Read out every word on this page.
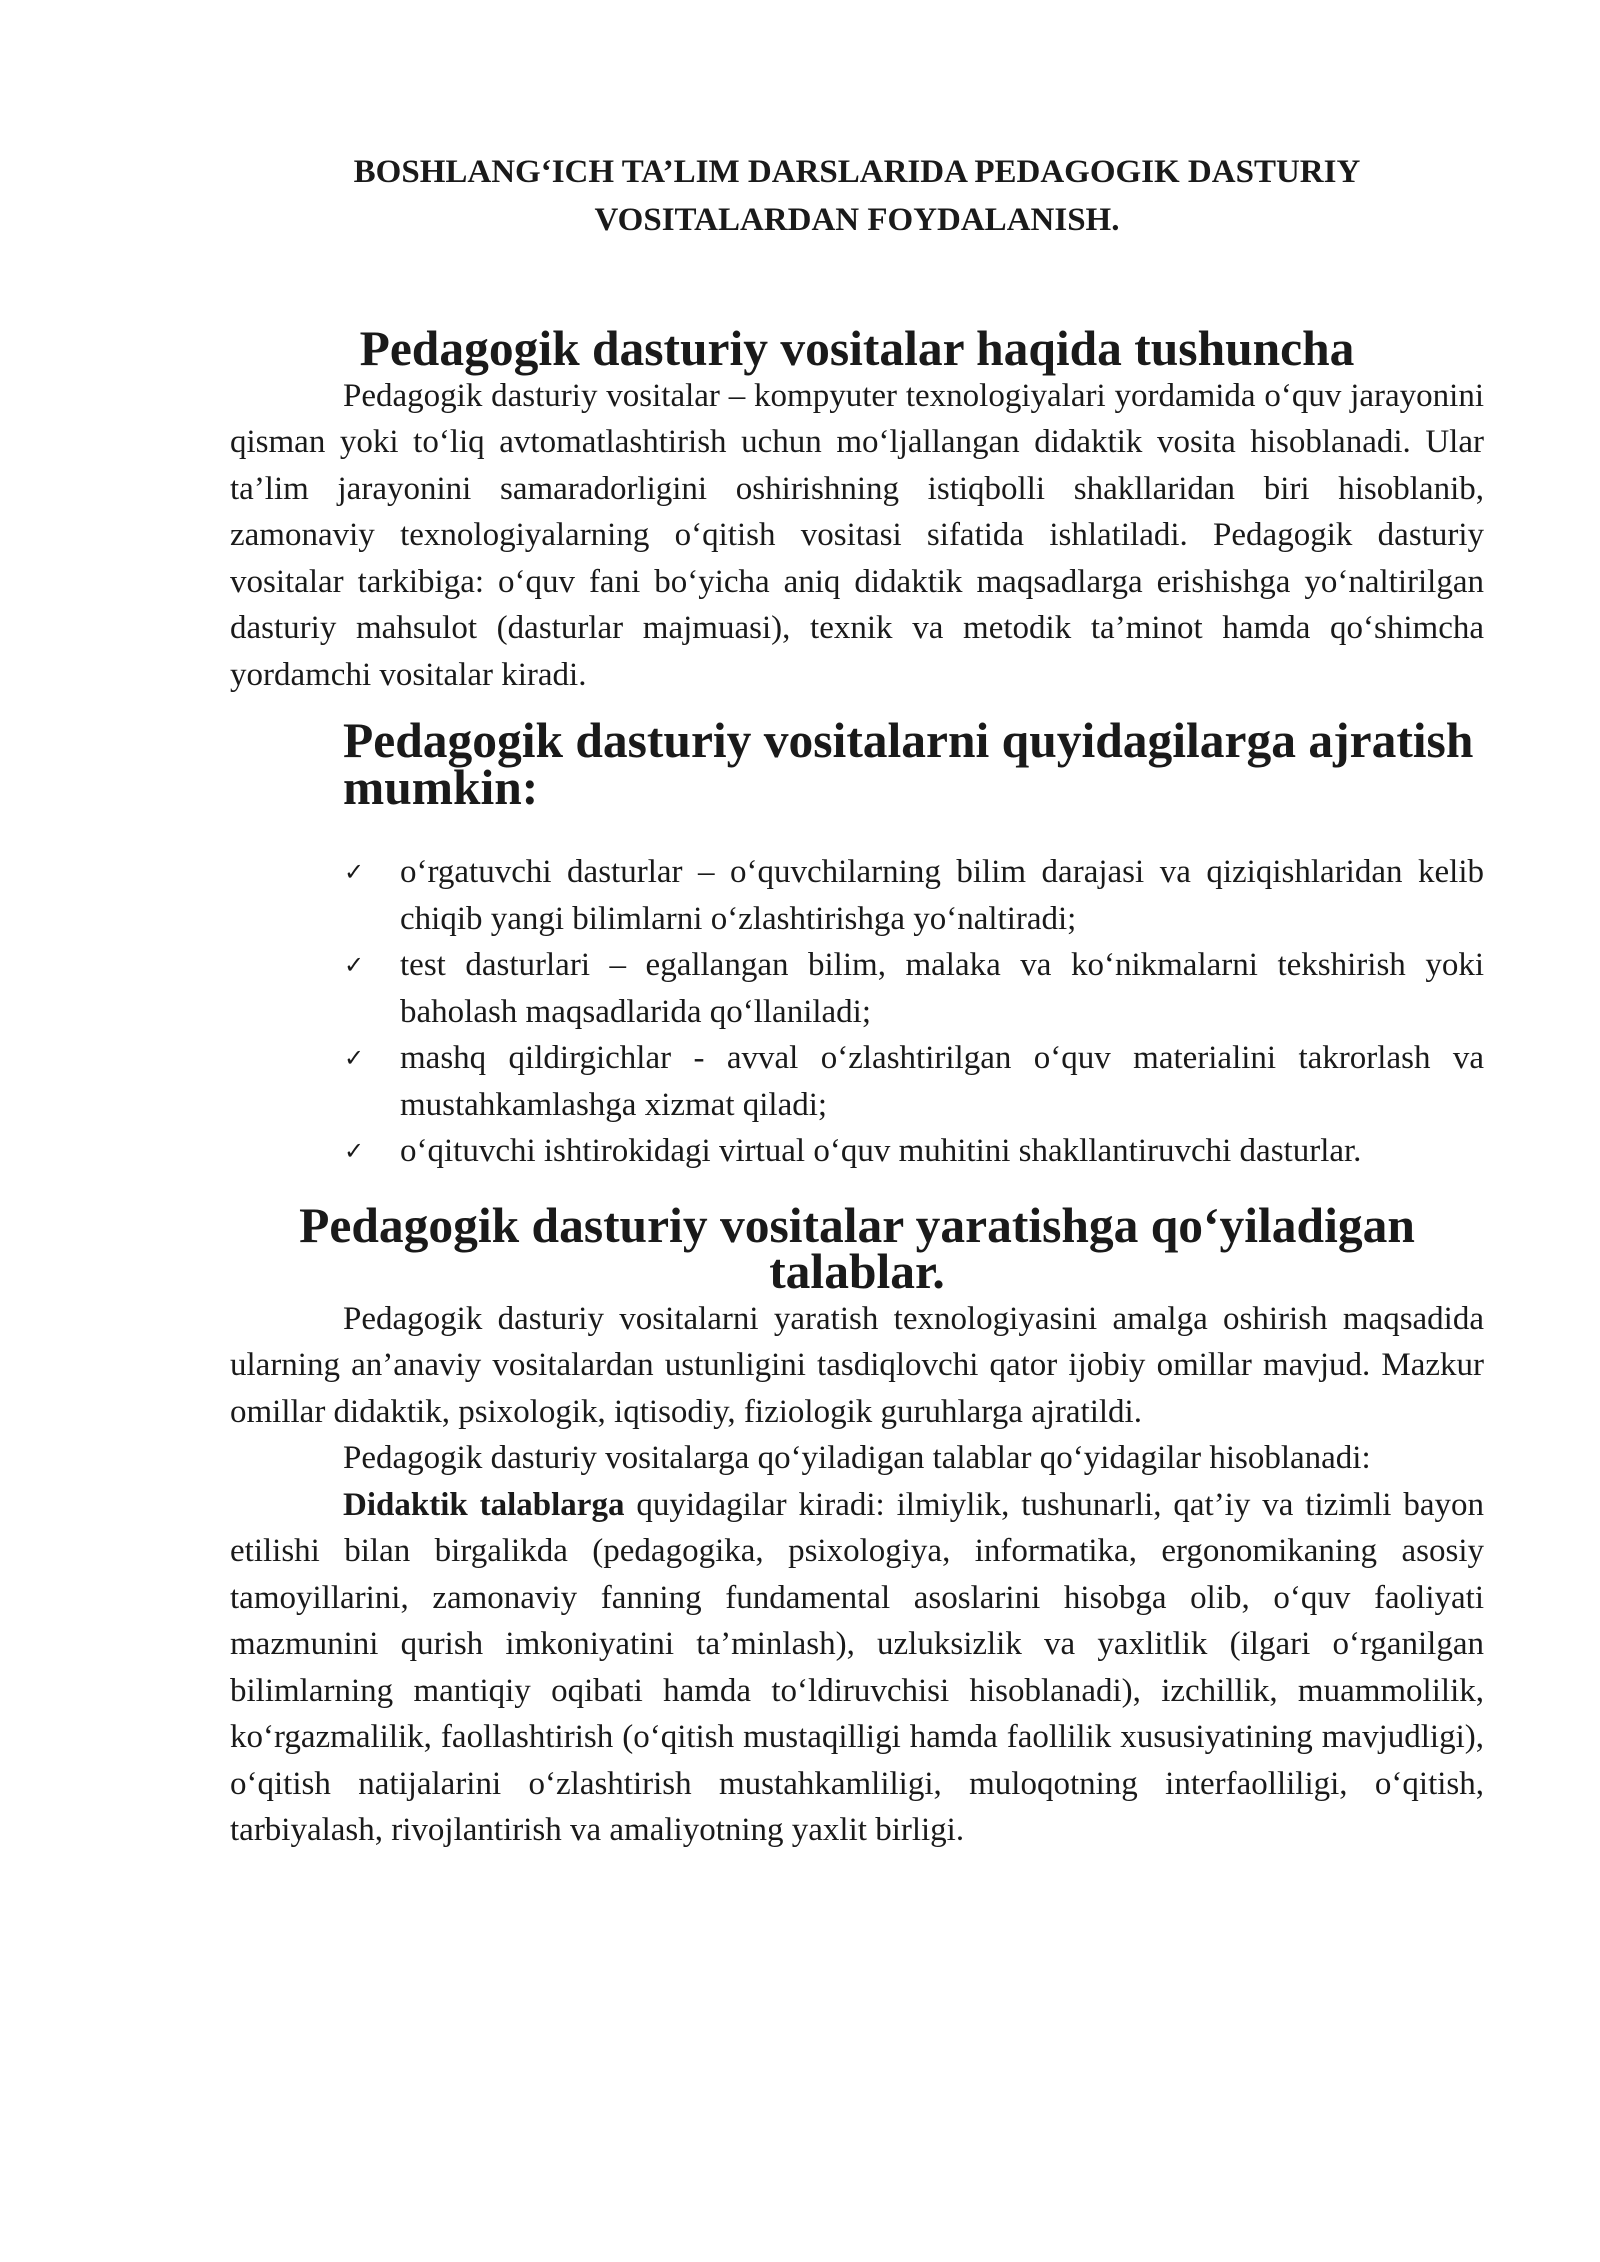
BOSHLANG‘ICH TA’LIM DARSLARIDA PEDAGOGIK DASTURIY
VOSITALARDAN FOYDALANISH.
Pedagogik dasturiy vositalar haqida tushuncha

Pedagogik dasturiy vositalar – kompyuter texnologiyalari yordamida o‘quv jarayonini qisman yoki to‘liq avtomatlashtirish uchun mo‘ljallangan didaktik vosita hisoblanadi. Ular ta’lim jarayonini samaradorligini oshirishning istiqbolli shakllaridan biri hisoblanib, zamonaviy texnologiyalarning o‘qitish vositasi sifatida ishlatiladi. Pedagogik dasturiy vositalar tarkibiga: o‘quv fani bo‘yicha aniq didaktik maqsadlarga erishishga yo‘naltirilgan dasturiy mahsulot (dasturlar majmuasi), texnik va metodik ta’minot hamda qo‘shimcha yordamchi vositalar kiradi.

Pedagogik dasturiy vositalarni quyidagilarga ajratish mumkin:
✓ o‘rgatuvchi dasturlar – o‘quvchilarning bilim darajasi va qiziqishlaridan kelib chiqib yangi bilimlarni o‘zlashtirishga yo‘naltiradi;
✓ test dasturlari – egallangan bilim, malaka va ko‘nikmalarni tekshirish yoki baholash maqsadlarida qo‘llaniladi;
✓ mashq qildirgichlar - avval o‘zlashtirilgan o‘quv materialini takrorlash va mustahkamlashga xizmat qiladi;
✓ o‘qituvchi ishtirokidagi virtual o‘quv muhitini shakllantiruvchi dasturlar.
Pedagogik dasturiy vositalar yaratishga qo‘yiladigan talablar.

Pedagogik dasturiy vositalarni yaratish texnologiyasini amalga oshirish maqsadida ularning an’anaviy vositalardan ustunligini tasdiqlovchi qator ijobiy omillar mavjud. Mazkur omillar didaktik, psixologik, iqtisodiy, fiziologik guruhlarga ajratildi.

Pedagogik dasturiy vositalarga qo‘yiladigan talablar qo‘yidagilar hisoblanadi:

Didaktik talablarga quyidagilar kiradi: ilmiylik, tushunarli, qat’iy va tizimli bayon etilishi bilan birgalikda (pedagogika, psixologiya, informatika, ergonomikaning asosiy tamoyillarini, zamonaviy fanning fundamental asoslarini hisobga olib, o‘quv faoliyati mazmunini qurish imkoniyatini ta’minlash), uzluksizlik va yaxlitlik (ilgari o‘rganilgan bilimlarning mantiqiy oqibati hamda to‘ldiruvchisi hisoblanadi), izchillik, muammolilik, ko‘rgazmalilik, faollashtirish (o‘qitish mustaqilligi hamda faollilik xususiyatining mavjudligi), o‘qitish natijalarini o‘zlashtirish mustahkamliligi, muloqotning interfaolliligi, o‘qitish, tarbiyalash, rivojlantirish va amaliyotning yaxlit birligi.
